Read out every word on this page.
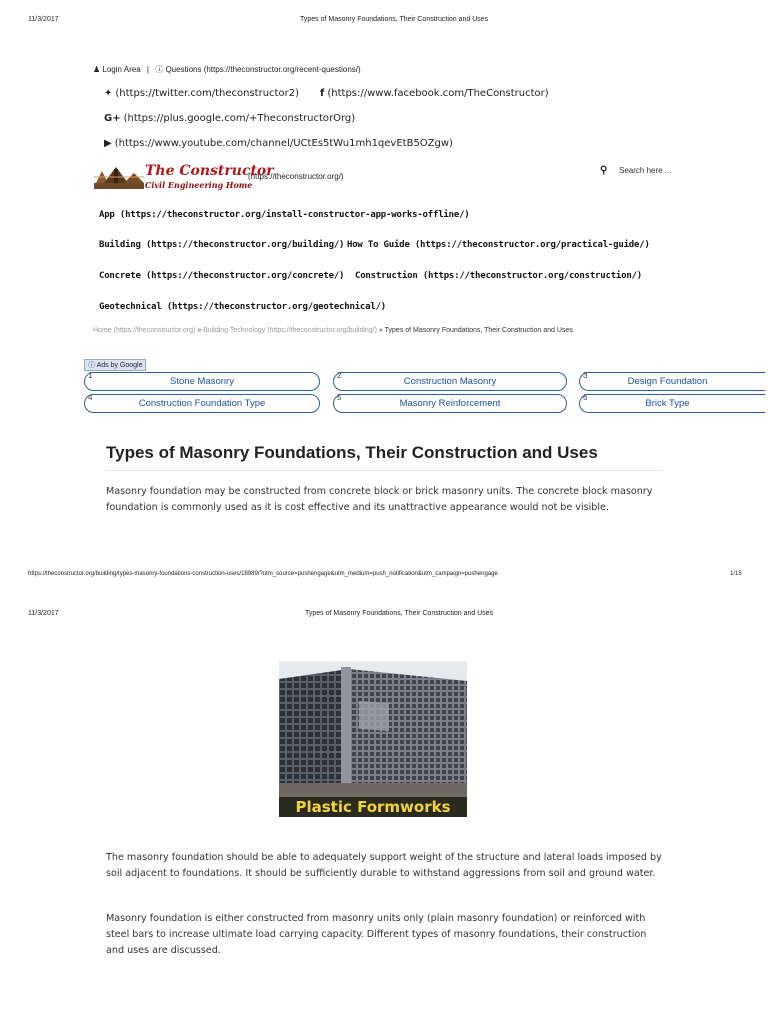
11/3/2017	Types of Masonry Foundations, Their Construction and Uses
♟ Login Area | ⓘ Questions (https://theconstructor.org/recent-questions/)
✦ (https://twitter.com/theconstructor2) f (https://www.facebook.com/TheConstructor)
G+ (https://plus.google.com/+TheconstructorOrg)
▶ (https://www.youtube.com/channel/UCtEs5tWu1mh1qevEtB5OZgw)
The Constructor
Civil Engineering Home
(https://theconstructor.org/)
⚲ Search here ...
App (https://theconstructor.org/install-constructor-app-works-offline/)
Building (https://theconstructor.org/building/) How To Guide (https://theconstructor.org/practical-guide/)
Concrete (https://theconstructor.org/concrete/) Construction (https://theconstructor.org/construction/)
Geotechnical (https://theconstructor.org/geotechnical/)
Home (https://theconstructor.org) » Building Technology (https://theconstructor.org/building/) » Types of Masonry Foundations, Their Construction and Uses
ⓘ Ads by Google
1
Stone Masonry
2
Construction Masonry
3
Design Foundation
4
Construction Foundation Type
5
Masonry Reinforcement
6
Brick Type
Types of Masonry Foundations, Their Construction and Uses
Masonry foundation may be constructed from concrete block or brick masonry units. The concrete block masonry foundation is commonly used as it is cost effective and its unattractive appearance would not be visible.
https://theconstructor.org/building/types-masonry-foundations-construction-uses/18989/?utm_source=pushengage&utm_medium=push_notification&utm_campaign=pushengage	1/15
11/3/2017	Types of Masonry Foundations, Their Construction and Uses
Plastic Formworks
The masonry foundation should be able to adequately support weight of the structure and lateral loads imposed by soil adjacent to foundations. It should be sufficiently durable to withstand aggressions from soil and ground water.
Masonry foundation is either constructed from masonry units only (plain masonry foundation) or reinforced with steel bars to increase ultimate load carrying capacity. Different types of masonry foundations, their construction and uses are discussed.
